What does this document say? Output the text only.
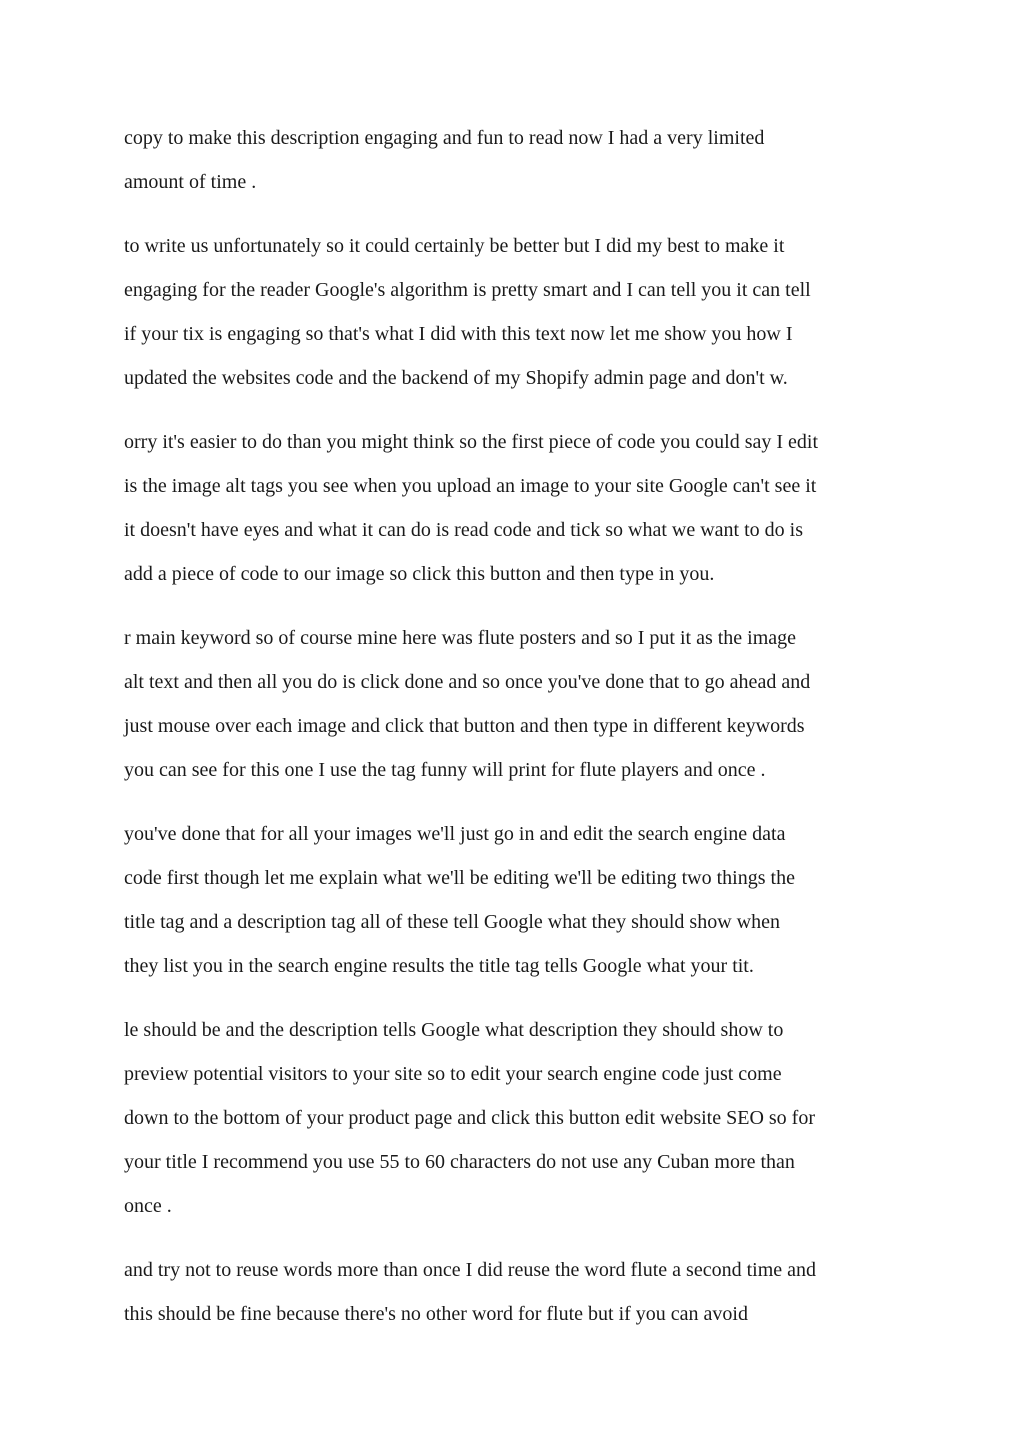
copy to make this description engaging and fun to read now I had a very limited
amount of time .

to write us unfortunately so it could certainly be better but I did my best to make it
engaging for the reader Google's algorithm is pretty smart and I can tell you it can tell
if your tix is engaging so that's what I did with this text now let me show you how I
updated the websites code and the backend of my Shopify admin page and don't w.

orry it's easier to do than you might think so the first piece of code you could say I edit
is the image alt tags you see when you upload an image to your site Google can't see it
it doesn't have eyes and what it can do is read code and tick so what we want to do is
add a piece of code to our image so click this button and then type in you.

r main keyword so of course mine here was flute posters and so I put it as the image
alt text and then all you do is click done and so once you've done that to go ahead and
just mouse over each image and click that button and then type in different keywords
you can see for this one I use the tag funny will print for flute players and once .

you've done that for all your images we'll just go in and edit the search engine data
code first though let me explain what we'll be editing we'll be editing two things the
title tag and a description tag all of these tell Google what they should show when
they list you in the search engine results the title tag tells Google what your tit.

le should be and the description tells Google what description they should show to
preview potential visitors to your site so to edit your search engine code just come
down to the bottom of your product page and click this button edit website SEO so for
your title I recommend you use 55 to 60 characters do not use any Cuban more than
once .

and try not to reuse words more than once I did reuse the word flute a second time and
this should be fine because there's no other word for flute but if you can avoid
